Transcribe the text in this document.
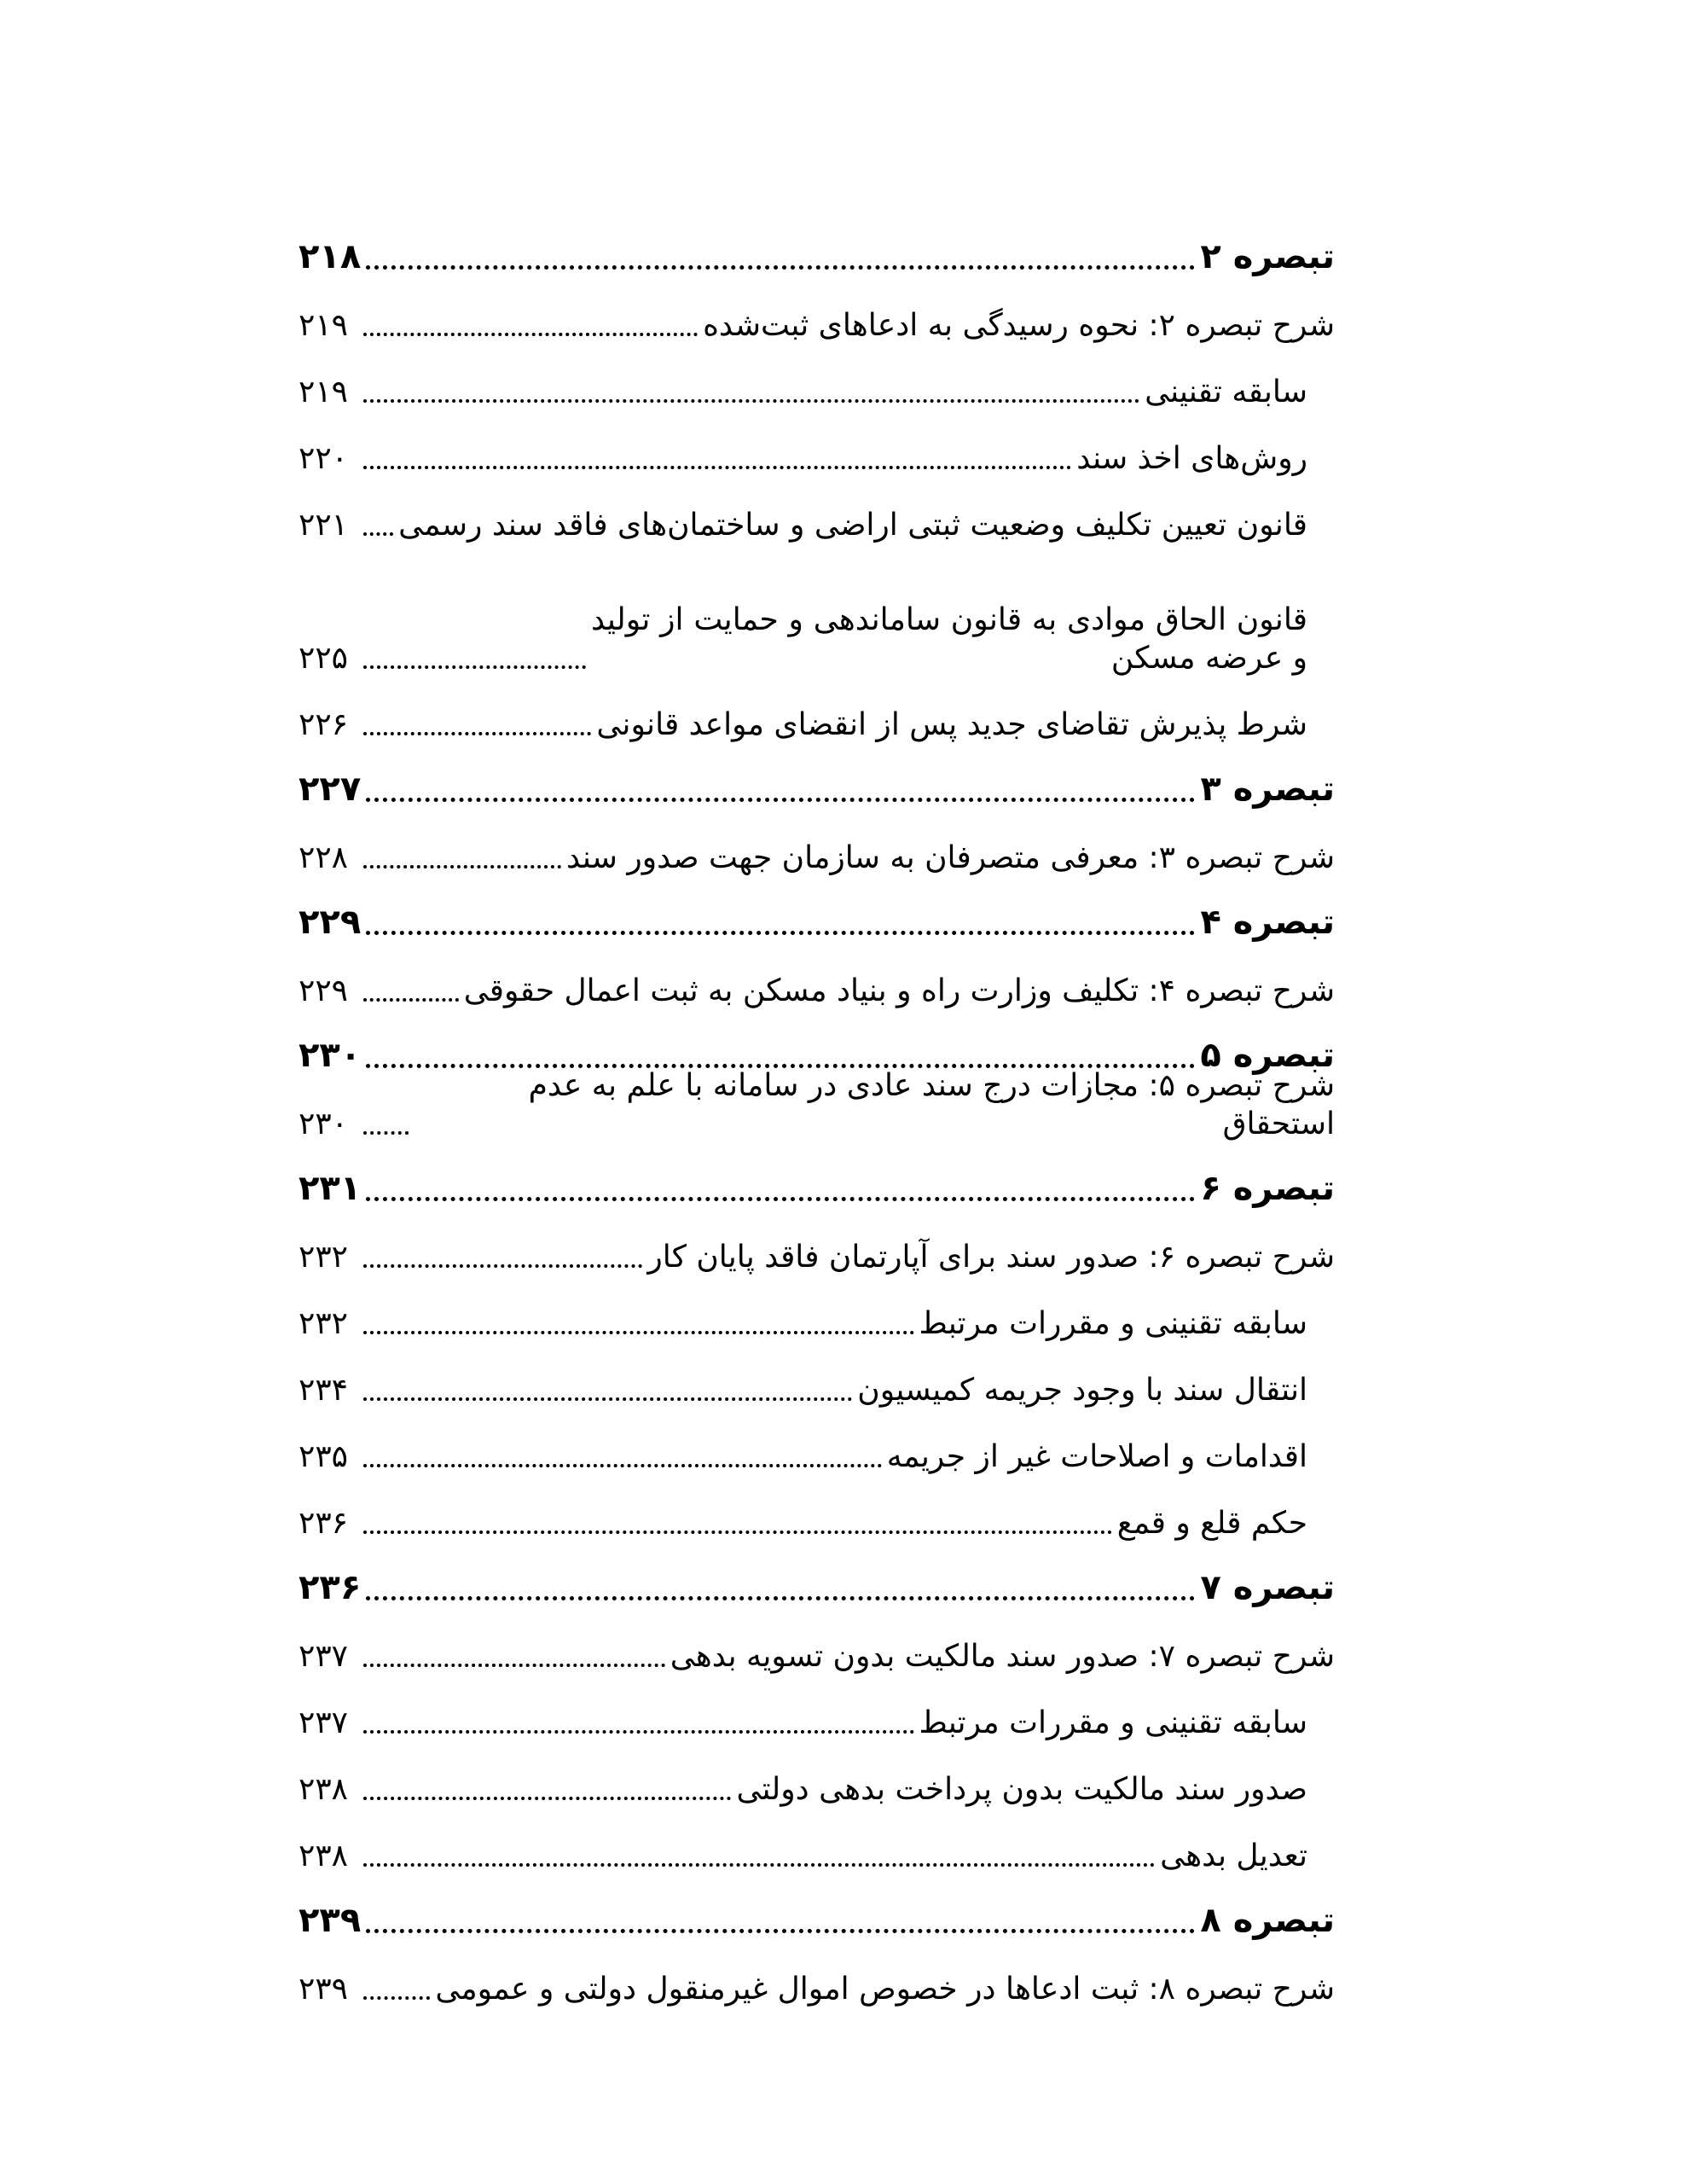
تبصره ۲
۲۱۸
شرح تبصره ۲: نحوه رسیدگی به ادعاهای ثبت‌شده
۲۱۹
سابقه تقنینی
۲۱۹
روش‌های اخذ سند
۲۲۰
قانون تعیین تکلیف وضعیت ثبتی اراضی و ساختمان‌های فاقد سند رسمی
۲۲۱
قانون الحاق موادی به قانون ساماندهی و حمایت از تولید و عرضه مسکن
۲۲۵
شرط پذیرش تقاضای جدید پس از انقضای مواعد قانونی
۲۲۶
تبصره ۳
۲۲۷
شرح تبصره ۳: معرفی متصرفان به سازمان جهت صدور سند
۲۲۸
تبصره ۴
۲۲۹
شرح تبصره ۴: تکلیف وزارت راه و بنیاد مسکن به ثبت اعمال حقوقی
۲۲۹
تبصره ۵
۲۳۰
شرح تبصره ۵: مجازات درج سند عادی در سامانه با علم به عدم استحقاق
۲۳۰
تبصره ۶
۲۳۱
شرح تبصره ۶: صدور سند برای آپارتمان فاقد پایان کار
۲۳۲
سابقه تقنینی و مقررات مرتبط
۲۳۲
انتقال سند با وجود جریمه کمیسیون
۲۳۴
اقدامات و اصلاحات غیر از جریمه
۲۳۵
حکم قلع و قمع
۲۳۶
تبصره ۷
۲۳۶
شرح تبصره ۷: صدور سند مالکیت بدون تسویه بدهی
۲۳۷
سابقه تقنینی و مقررات مرتبط
۲۳۷
صدور سند مالکیت بدون پرداخت بدهی دولتی
۲۳۸
تعدیل بدهی
۲۳۸
تبصره ۸
۲۳۹
شرح تبصره ۸: ثبت ادعاها در خصوص اموال غیرمنقول دولتی و عمومی
۲۳۹
